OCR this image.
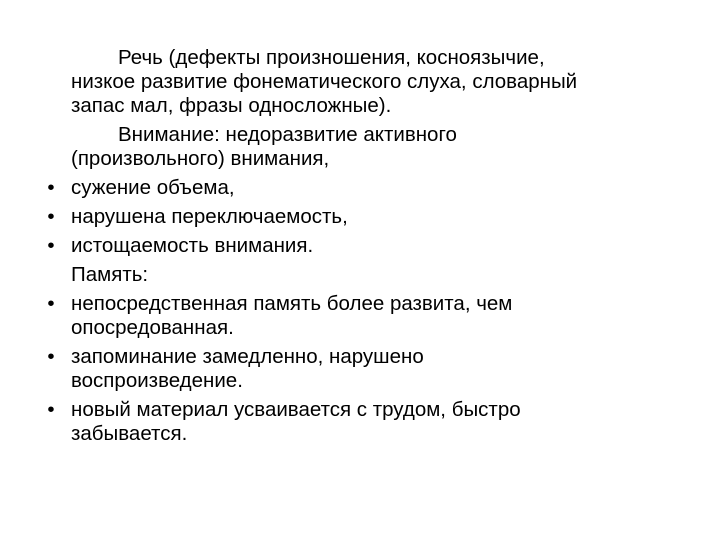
Речь (дефекты произношения, косноязычие,
низкое развитие фонематического слуха, словарный
запас мал, фразы односложные).
Внимание: недоразвитие активного
(произвольного) внимания,
• сужение объема,
• нарушена переключаемость,
• истощаемость внимания.
Память:
• непосредственная память более развита, чем
опосредованная.
• запоминание замедленно, нарушено
воспроизведение.
• новый материал усваивается с трудом, быстро
забывается.
